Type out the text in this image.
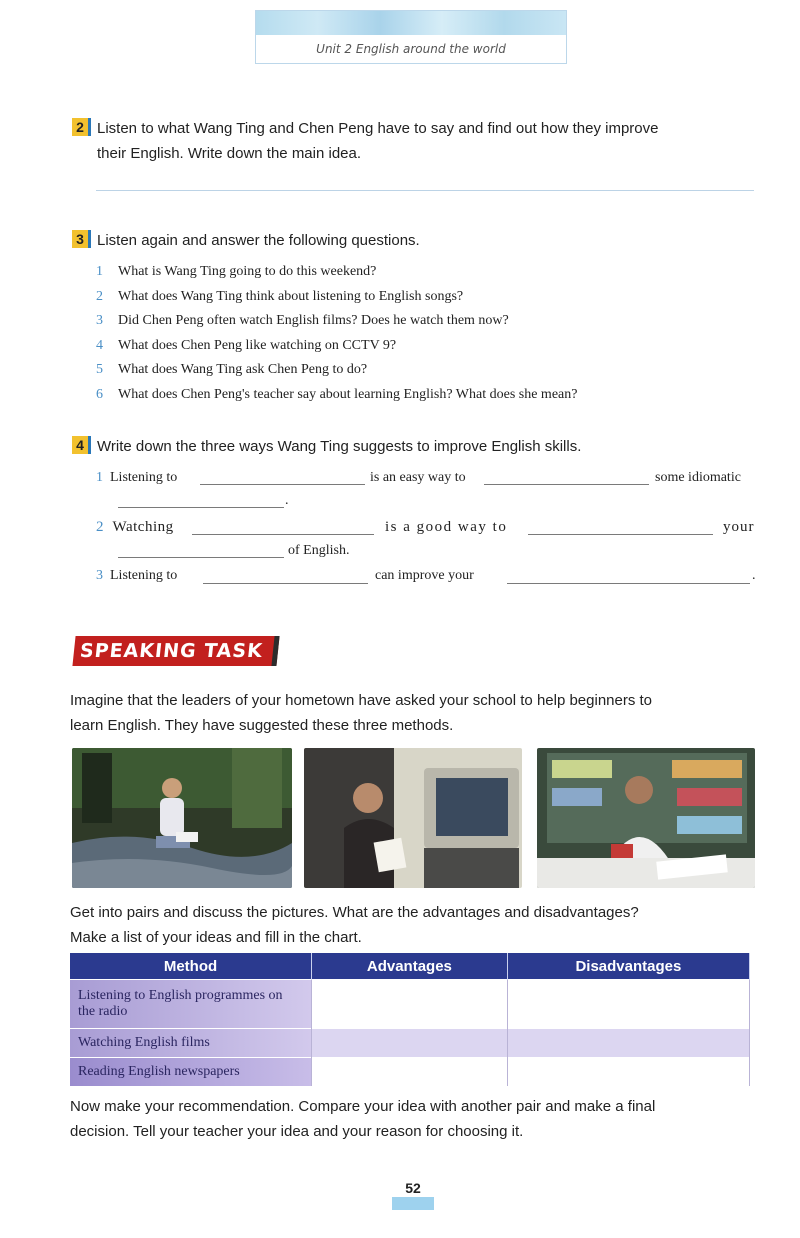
Unit 2 English around the world
2 Listen to what Wang Ting and Chen Peng have to say and find out how they improve
their English. Write down the main idea.
3 Listen again and answer the following questions.
1 What is Wang Ting going to do this weekend?
2 What does Wang Ting think about listening to English songs?
3 Did Chen Peng often watch English films? Does he watch them now?
4 What does Chen Peng like watching on CCTV 9?
5 What does Wang Ting ask Chen Peng to do?
6 What does Chen Peng's teacher say about learning English? What does she mean?
4 Write down the three ways Wang Ting suggests to improve English skills.
1 Listening to	is an easy way to	some idiomatic
.
2 Watching	is a good way to	your
of English.
3 Listening to	can improve your	.
SPEAKING TASK
Imagine that the leaders of your hometown have asked your school to help beginners to
learn English. They have suggested these three methods.
Get into pairs and discuss the pictures. What are the advantages and disadvantages?
Make a list of your ideas and fill in the chart.
Method	Advantages	Disadvantages
Listening to English programmes on the radio		
Watching English films		
Reading English newspapers		
Now make your recommendation. Compare your idea with another pair and make a final
decision. Tell your teacher your idea and your reason for choosing it.
52
